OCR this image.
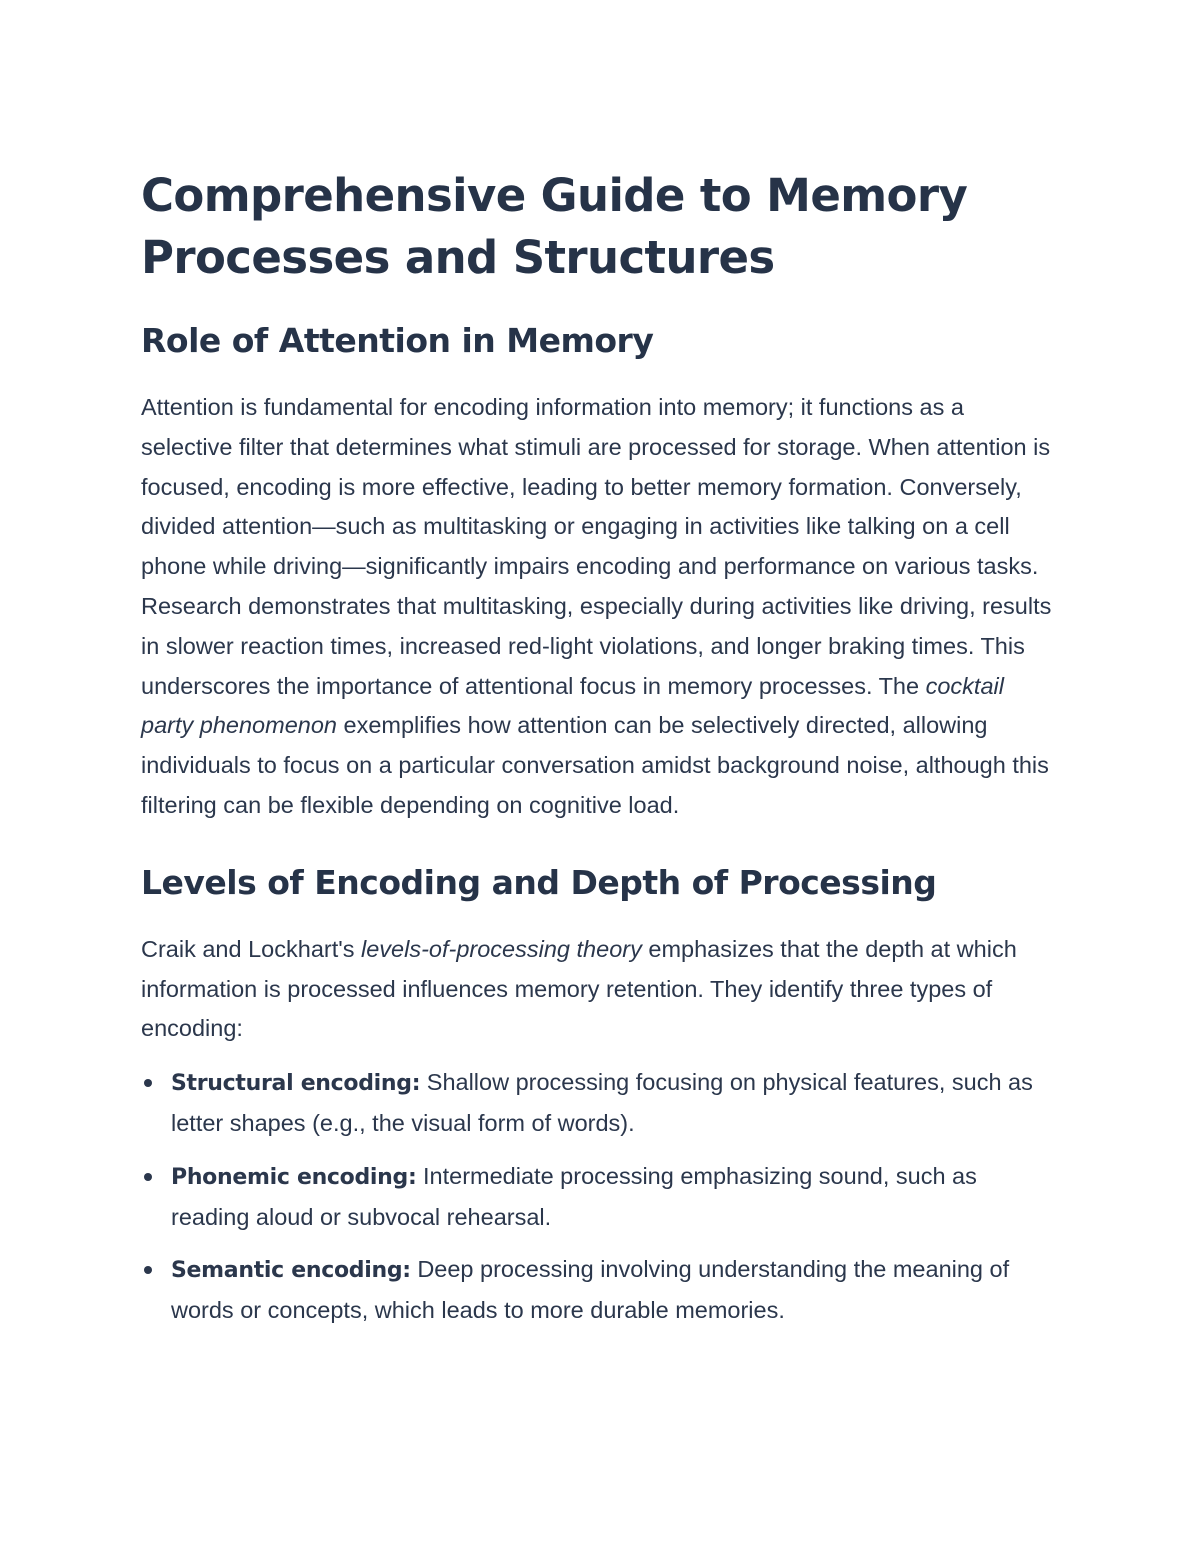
Comprehensive Guide to Memory Processes and Structures
Role of Attention in Memory

Attention is fundamental for encoding information into memory; it functions as a selective filter that determines what stimuli are processed for storage. When attention is focused, encoding is more effective, leading to better memory formation. Conversely, divided attention—such as multitasking or engaging in activities like talking on a cell phone while driving—significantly impairs encoding and performance on various tasks. Research demonstrates that multitasking, especially during activities like driving, results in slower reaction times, increased red-light violations, and longer braking times. This underscores the importance of attentional focus in memory processes. The cocktail party phenomenon exemplifies how attention can be selectively directed, allowing individuals to focus on a particular conversation amidst background noise, although this filtering can be flexible depending on cognitive load.

Levels of Encoding and Depth of Processing

Craik and Lockhart's levels-of-processing theory emphasizes that the depth at which information is processed influences memory retention. They identify three types of encoding:

Structural encoding: Shallow processing focusing on physical features, such as letter shapes (e.g., the visual form of words).
Phonemic encoding: Intermediate processing emphasizing sound, such as reading aloud or subvocal rehearsal.
Semantic encoding: Deep processing involving understanding the meaning of words or concepts, which leads to more durable memories.
